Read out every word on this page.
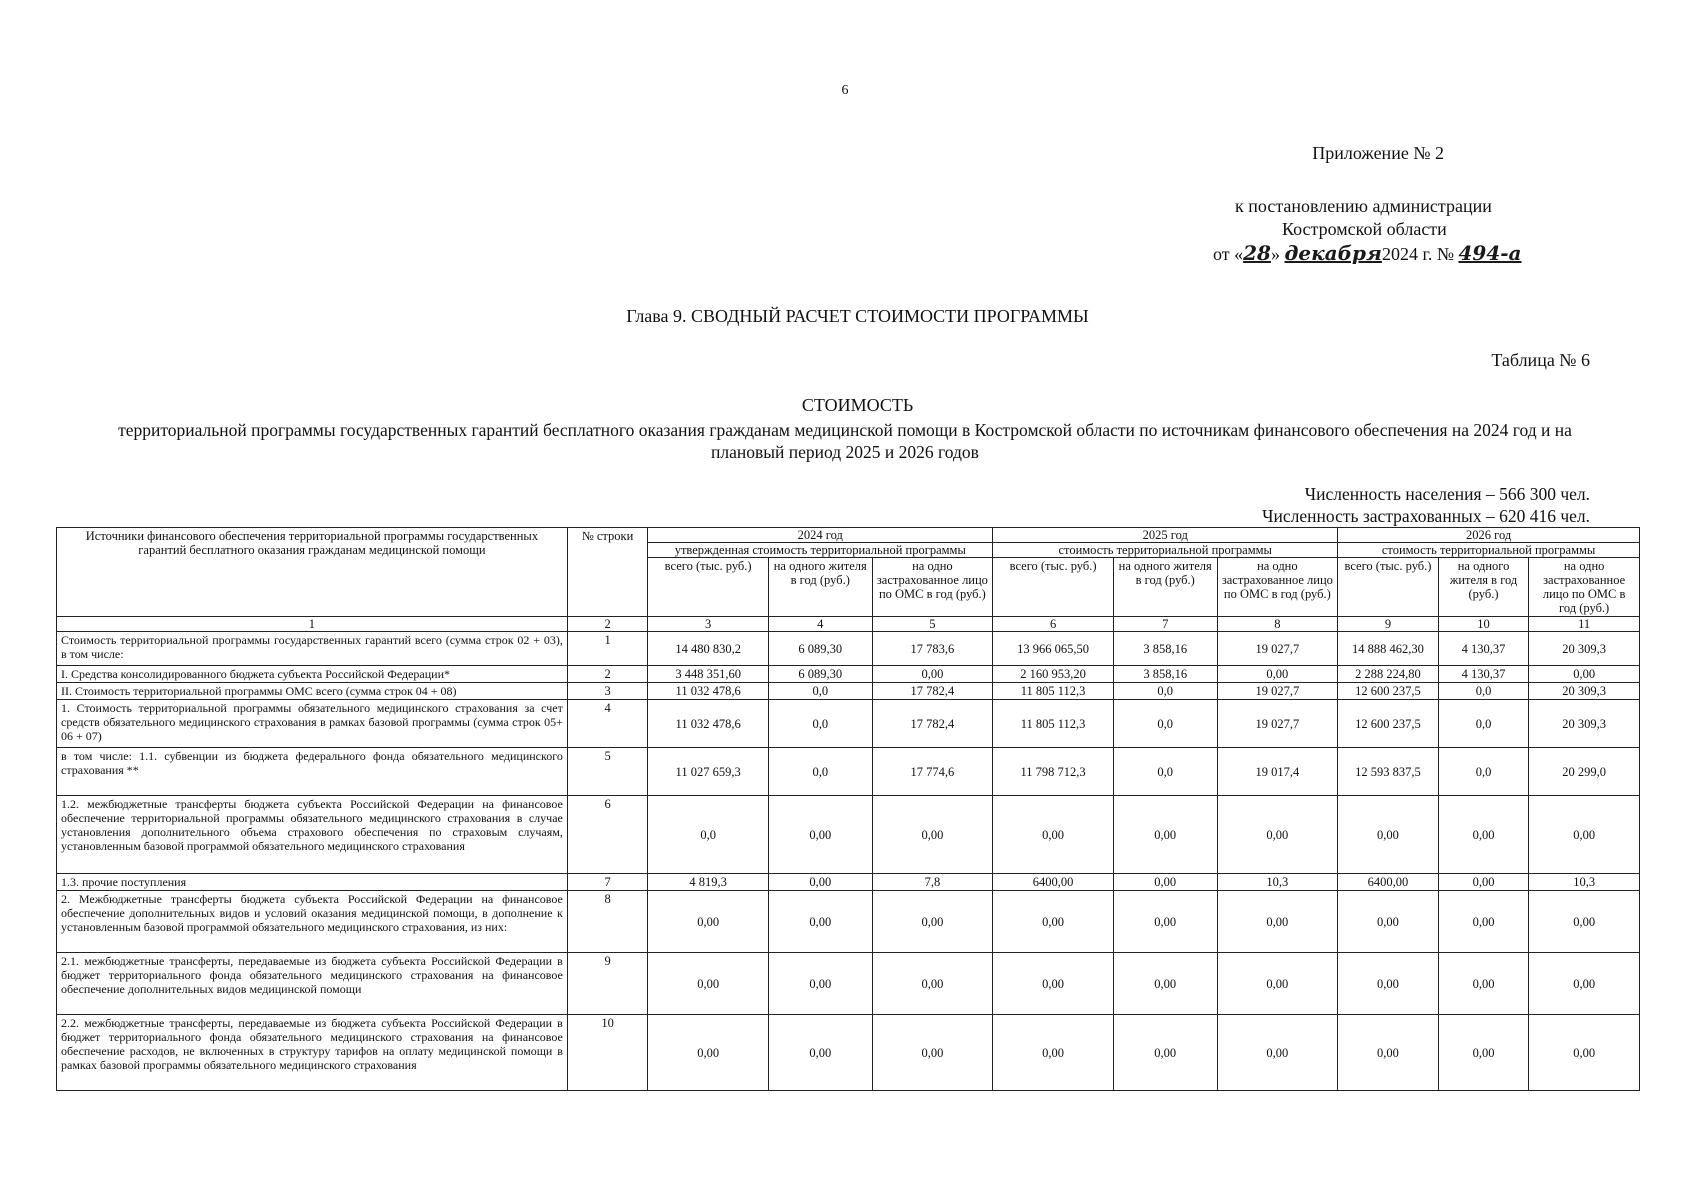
6
Приложение № 2
к постановлению администрации
Костромской области
от «28» декабря2024 г. № 494-а
Глава 9. СВОДНЫЙ РАСЧЕТ СТОИМОСТИ ПРОГРАММЫ
Таблица № 6
СТОИМОСТЬ
территориальной программы государственных гарантий бесплатного оказания гражданам медицинской помощи в Костромской области по источникам финансового обеспечения на 2024 год и на плановый период 2025 и 2026 годов
Численность населения – 566 300 чел.
Численность застрахованных – 620 416 чел.
Источники финансового обеспечения территориальной программы государственных гарантий бесплатного оказания гражданам медицинской помощи	№ строки	2024 год			2025 год			2026 год		
		утвержденная стоимость территориальной программы			стоимость территориальной программы			стоимость территориальной программы		
		всего (тыс. руб.)	на одного жителя в год (руб.)	на одно застрахованное лицо по ОМС в год (руб.)	всего (тыс. руб.)	на одного жителя в год (руб.)	на одно застрахованное лицо по ОМС в год (руб.)	всего (тыс. руб.)	на одного жителя в год (руб.)	на одно застрахованное лицо по ОМС в год (руб.)
1	2	3	4	5	6	7	8	9	10	11
Стоимость территориальной программы государственных гарантий всего (сумма строк 02 + 03), в том числе:	1	14 480 830,2	6 089,30	17 783,6	13 966 065,50	3 858,16	19 027,7	14 888 462,30	4 130,37	20 309,3
I. Средства консолидированного бюджета субъекта Российской Федерации*	2	3 448 351,60	6 089,30	0,00	2 160 953,20	3 858,16	0,00	2 288 224,80	4 130,37	0,00
II. Стоимость территориальной программы ОМС всего (сумма строк 04 + 08)	3	11 032 478,6	0,0	17 782,4	11 805 112,3	0,0	19 027,7	12 600 237,5	0,0	20 309,3
1. Стоимость территориальной программы обязательного медицинского страхования за счет средств обязательного медицинского страхования в рамках базовой программы (сумма строк 05+ 06 + 07)	4	11 032 478,6	0,0	17 782,4	11 805 112,3	0,0	19 027,7	12 600 237,5	0,0	20 309,3
в том числе: 1.1. субвенции из бюджета федерального фонда обязательного медицинского страхования **	5	11 027 659,3	0,0	17 774,6	11 798 712,3	0,0	19 017,4	12 593 837,5	0,0	20 299,0
1.2. межбюджетные трансферты бюджета субъекта Российской Федерации на финансовое обеспечение территориальной программы обязательного медицинского страхования в случае установления дополнительного объема страхового обеспечения по страховым случаям, установленным базовой программой обязательного медицинского страхования	6	0,0	0,00	0,00	0,00	0,00	0,00	0,00	0,00	0,00
1.3. прочие поступления	7	4 819,3	0,00	7,8	6400,00	0,00	10,3	6400,00	0,00	10,3
2. Межбюджетные трансферты бюджета субъекта Российской Федерации на финансовое обеспечение дополнительных видов и условий оказания медицинской помощи, в дополнение к установленным базовой программой обязательного медицинского страхования, из них:	8	0,00	0,00	0,00	0,00	0,00	0,00	0,00	0,00	0,00
2.1. межбюджетные трансферты, передаваемые из бюджета субъекта Российской Федерации в бюджет территориального фонда обязательного медицинского страхования на финансовое обеспечение дополнительных видов медицинской помощи	9	0,00	0,00	0,00	0,00	0,00	0,00	0,00	0,00	0,00
2.2. межбюджетные трансферты, передаваемые из бюджета субъекта Российской Федерации в бюджет территориального фонда обязательного медицинского страхования на финансовое обеспечение расходов, не включенных в структуру тарифов на оплату медицинской помощи в рамках базовой программы обязательного медицинского страхования	10	0,00	0,00	0,00	0,00	0,00	0,00	0,00	0,00	0,00
